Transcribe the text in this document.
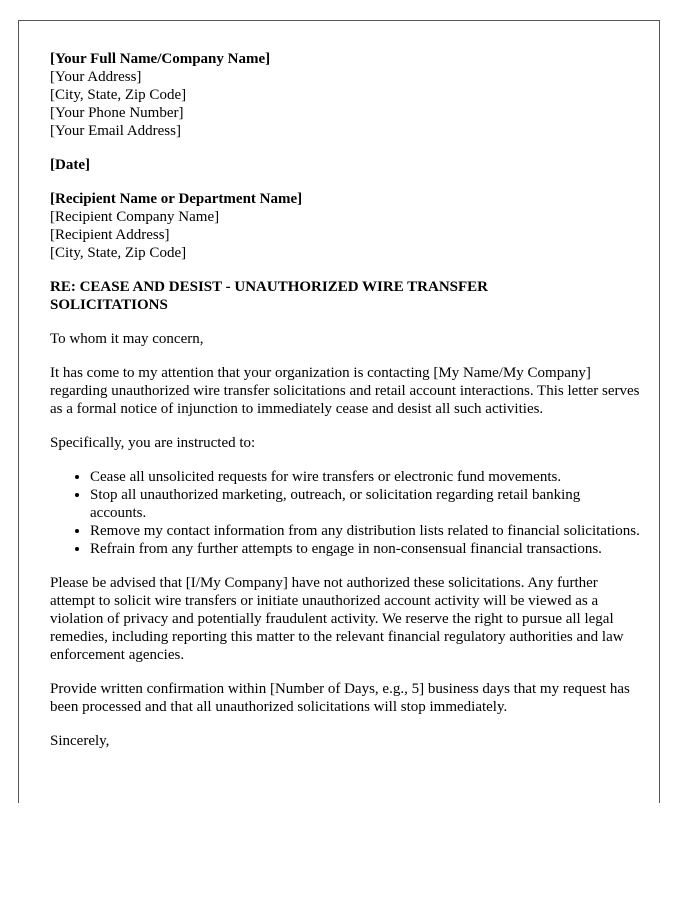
[Your Full Name/Company Name]
[Your Address]
[City, State, Zip Code]
[Your Phone Number]
[Your Email Address]
[Date]
[Recipient Name or Department Name]
[Recipient Company Name]
[Recipient Address]
[City, State, Zip Code]
RE: CEASE AND DESIST - UNAUTHORIZED WIRE TRANSFER
SOLICITATIONS

To whom it may concern,

It has come to my attention that your organization is contacting [My Name/My Company] regarding unauthorized wire transfer solicitations and retail account interactions. This letter serves as a formal notice of injunction to immediately cease and desist all such activities.

Specifically, you are instructed to:

• Cease all unsolicited requests for wire transfers or electronic fund movements.
• Stop all unauthorized marketing, outreach, or solicitation regarding retail banking accounts.
• Remove my contact information from any distribution lists related to financial solicitations.
• Refrain from any further attempts to engage in non-consensual financial transactions.

Please be advised that [I/My Company] have not authorized these solicitations. Any further attempt to solicit wire transfers or initiate unauthorized account activity will be viewed as a violation of privacy and potentially fraudulent activity. We reserve the right to pursue all legal remedies, including reporting this matter to the relevant financial regulatory authorities and law enforcement agencies.

Provide written confirmation within [Number of Days, e.g., 5] business days that my request has been processed and that all unauthorized solicitations will stop immediately.

Sincerely,
